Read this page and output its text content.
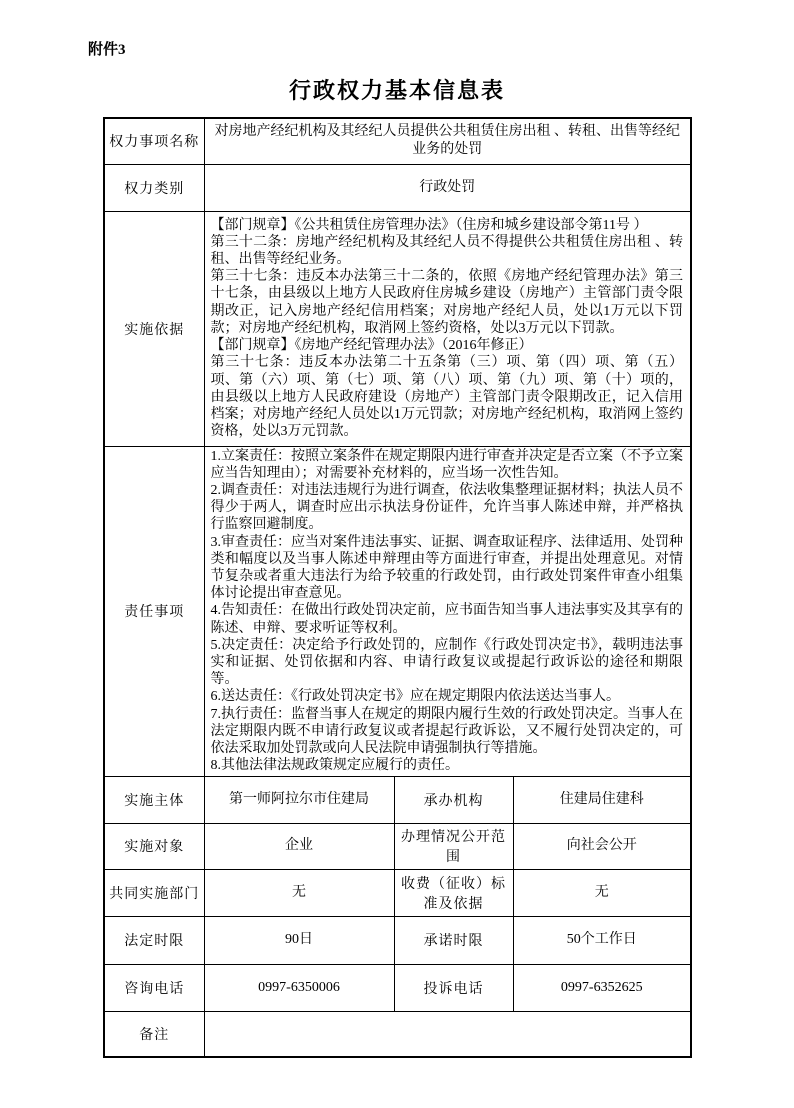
附件3
行政权力基本信息表
权力事项名称	对房地产经纪机构及其经纪人员提供公共租赁住房出租 、转租、出售等经纪业务的处罚		
权力类别	行政处罚		
实施依据	【部门规章】《公共租赁住房管理办法》（住房和城乡建设部令第11号 ）
第三十二条：房地产经纪机构及其经纪人员不得提供公共租赁住房出租 、转租、出售等经纪业务。
第三十七条：违反本办法第三十二条的，依照《房地产经纪管理办法》第三十七条，由县级以上地方人民政府住房城乡建设（房地产）主管部门责令限期改正，记入房地产经纪信用档案；对房地产经纪人员，处以1万元以下罚款；对房地产经纪机构，取消网上签约资格，处以3万元以下罚款。
【部门规章】《房地产经纪管理办法》（2016年修正）
第三十七条：违反本办法第二十五条第（三）项、第（四）项、第（五）项、第（六）项、第（七）项、第（八）项、第（九）项、第（十）项的，由县级以上地方人民政府建设（房地产）主管部门责令限期改正，记入信用档案；对房地产经纪人员处以1万元罚款；对房地产经纪机构，取消网上签约资格，处以3万元罚款。		

责任事项	
1.立案责任：按照立案条件在规定期限内进行审查并决定是否立案（不予立案应当告知理由）；对需要补充材料的，应当场一次性告知。
2.调查责任：对违法违规行为进行调查，依法收集整理证据材料；执法人员不得少于两人，调查时应出示执法身份证件，允许当事人陈述申辩，并严格执行监察回避制度。
3.审查责任：应当对案件违法事实、证据、调查取证程序、法律适用、处罚种类和幅度以及当事人陈述申辩理由等方面进行审查，并提出处理意见。对情节复杂或者重大违法行为给予较重的行政处罚，由行政处罚案件审查小组集体讨论提出审查意见。
4.告知责任：在做出行政处罚决定前，应书面告知当事人违法事实及其享有的陈述、申辩、要求听证等权利。
5.决定责任：决定给予行政处罚的，应制作《行政处罚决定书》，载明违法事实和证据、处罚依据和内容、申请行政复议或提起行政诉讼的途径和期限等。
6.送达责任：《行政处罚决定书》应在规定期限内依法送达当事人。
7.执行责任：监督当事人在规定的期限内履行生效的行政处罚决定。当事人在法定期限内既不申请行政复议或者提起行政诉讼，又不履行处罚决定的，可依法采取加处罚款或向人民法院申请强制执行等措施。
8.其他法律法规政策规定应履行的责任。

实施主体	第一师阿拉尔市住建局	承办机构	住建局住建科
实施对象	企业	办理情况公开范围	向社会公开
共同实施部门	无	收费（征收）标准及依据	无
法定时限	90日	承诺时限	50个工作日
咨询电话	0997-6350006	投诉电话	0997-6352625
备注			
